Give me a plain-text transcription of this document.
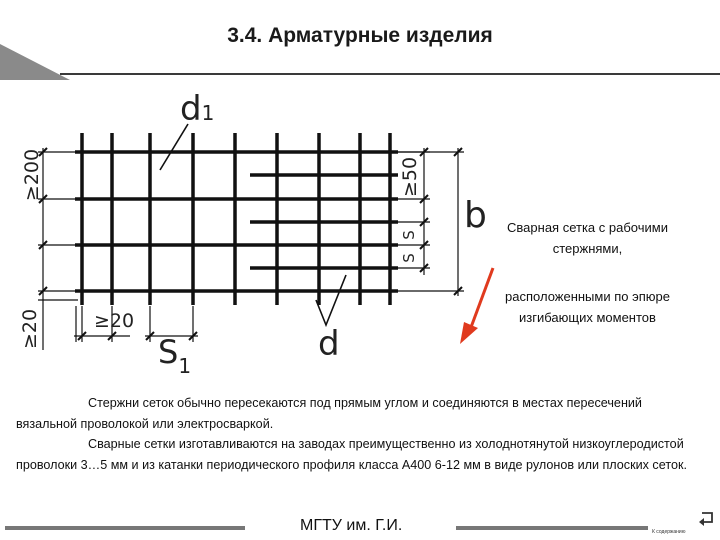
3.4. Арматурные изделия
d1
d
b
$S_1$
S
S
≥200
≥20	≥20
≥50
Сварная сетка с рабочими стержнями,
расположенными по эпюре изгибающих моментов

Стержни сеток обычно пересекаются под прямым углом и соединяются в местах пересечений вязальной проволокой или электросваркой.

Сварные сетки изготавливаются на заводах преимущественно из холоднотянутой низкоуглеродистой проволоки 3…5 мм и из катанки периодического профиля класса А400 6-12 мм в виде рулонов или плоских сеток.

МГТУ им. Г.И.	К содержанию
